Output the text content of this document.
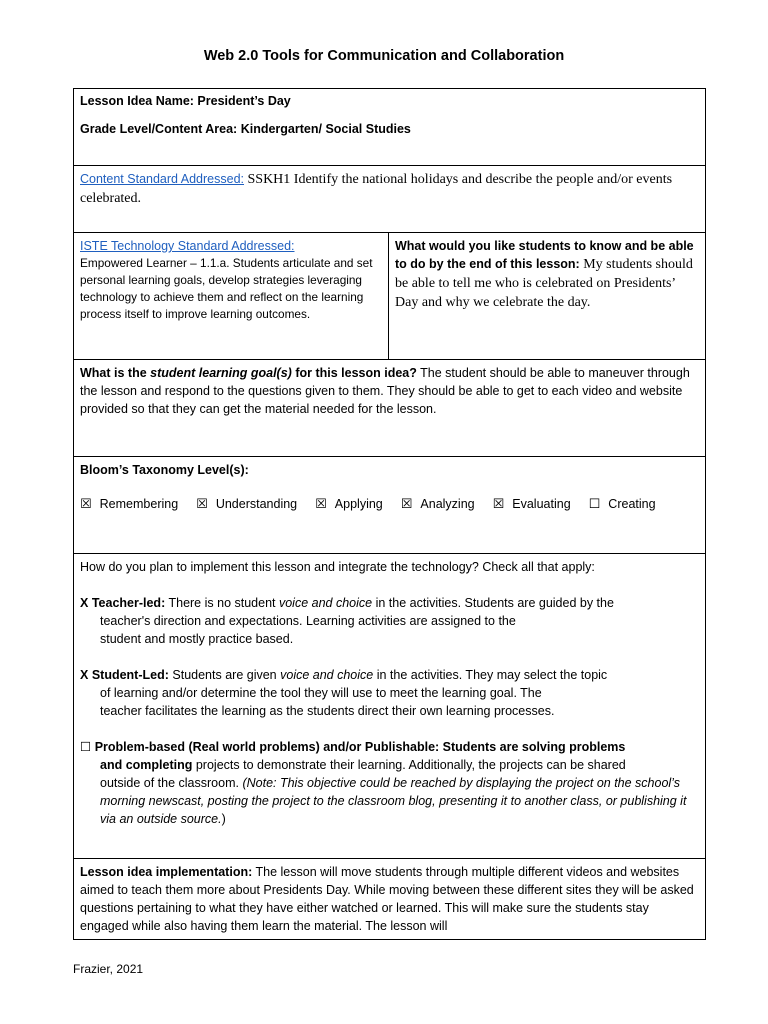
Web 2.0 Tools for Communication and Collaboration

Lesson Idea Name: President’s Day

Grade Level/Content Area: Kindergarten/ Social Studies

Content Standard Addressed: SSKH1 Identify the national holidays and describe the people and/or events celebrated.

ISTE Technology Standard Addressed:

Empowered Learner – 1.1.a. Students articulate and set personal learning goals, develop strategies leveraging technology to achieve them and reflect on the learning process itself to improve learning outcomes.

	What would you like students to know and be able to do by the end of this lesson: My students should be able to tell me who is celebrated on Presidents’ Day and why we celebrate the day.
What is the student learning goal(s) for this lesson idea? The student should be able to maneuver through the lesson and respond to the questions given to them. They should be able to get to each video and website provided so that they can get the material needed for the lesson.

Bloom’s Taxonomy Level(s):

☒ Remembering ☒ Understanding ☒ Applying ☒ Analyzing ☒ Evaluating ☐ Creating

How do you plan to implement this lesson and integrate the technology? Check all that apply:

X Teacher-led: There is no student voice and choice in the activities. Students are guided by the

teacher's direction and expectations. Learning activities are assigned to the

student and mostly practice based.

X Student-Led: Students are given voice and choice in the activities. They may select the topic

of learning and/or determine the tool they will use to meet the learning goal. The

teacher facilitates the learning as the students direct their own learning processes.

☐ Problem-based (Real world problems) and/or Publishable: Students are solving problems

and completing projects to demonstrate their learning. Additionally, the projects can be shared

outside of the classroom. (Note: This objective could be reached by displaying the project on the school’s morning newscast, posting the project to the classroom blog, presenting it to another class, or publishing it via an outside source.)

Lesson idea implementation: The lesson will move students through multiple different videos and websites aimed to teach them more about Presidents Day. While moving between these different sites they will be asked questions pertaining to what they have either watched or learned. This will make sure the students stay engaged while also having them learn the material. The lesson will
Frazier, 2021
